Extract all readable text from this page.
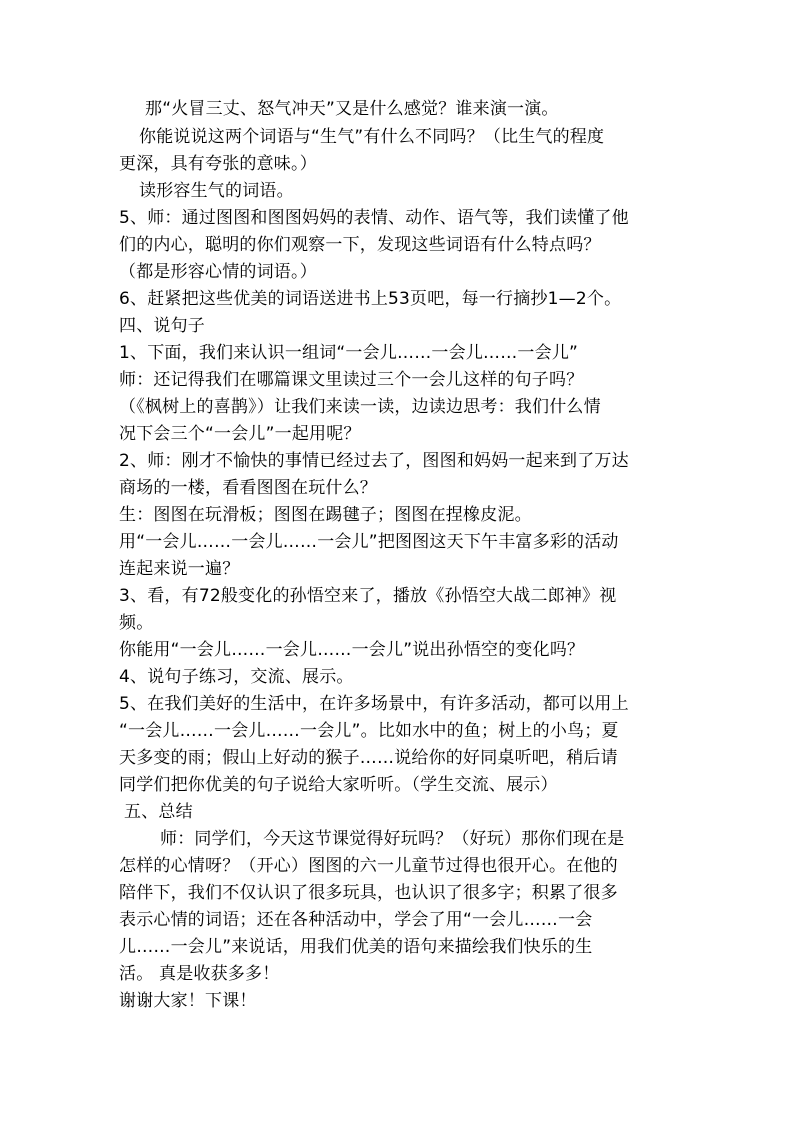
那“火冒三丈、怒气冲天”又是什么感觉？谁来演一演。
你能说说这两个词语与“生气”有什么不同吗？（比生气的程度
更深，具有夸张的意味。）
读形容生气的词语。
5、师：通过图图和图图妈妈的表情、动作、语气等，我们读懂了他
们的内心，聪明的你们观察一下，发现这些词语有什么特点吗？
（都是形容心情的词语。）
6、赶紧把这些优美的词语送进书上53页吧，每一行摘抄1—2个。
四、说句子
1、下面，我们来认识一组词“一会儿……一会儿……一会儿”
师：还记得我们在哪篇课文里读过三个一会儿这样的句子吗？
（《枫树上的喜鹊》）让我们来读一读，边读边思考：我们什么情
况下会三个“一会儿”一起用呢？
2、师：刚才不愉快的事情已经过去了，图图和妈妈一起来到了万达
商场的一楼，看看图图在玩什么？
生：图图在玩滑板；图图在踢毽子；图图在捏橡皮泥。
用“一会儿……一会儿……一会儿”把图图这天下午丰富多彩的活动
连起来说一遍？
3、看，有72般变化的孙悟空来了，播放《孙悟空大战二郎神》视
频。
你能用“一会儿……一会儿……一会儿”说出孙悟空的变化吗？
4、说句子练习，交流、展示。
5、在我们美好的生活中，在许多场景中，有许多活动，都可以用上
“一会儿……一会儿……一会儿”。比如水中的鱼；树上的小鸟；夏
天多变的雨；假山上好动的猴子……说给你的好同桌听吧，稍后请
同学们把你优美的句子说给大家听听。（学生交流、展示）
五、总结
师：同学们，今天这节课觉得好玩吗？（好玩）那你们现在是
怎样的心情呀？（开心）图图的六一儿童节过得也很开心。在他的
陪伴下，我们不仅认识了很多玩具，也认识了很多字；积累了很多
表示心情的词语；还在各种活动中，学会了用“一会儿……一会
儿……一会儿”来说话，用我们优美的语句来描绘我们快乐的生
活。 真是收获多多！
谢谢大家！下课！
